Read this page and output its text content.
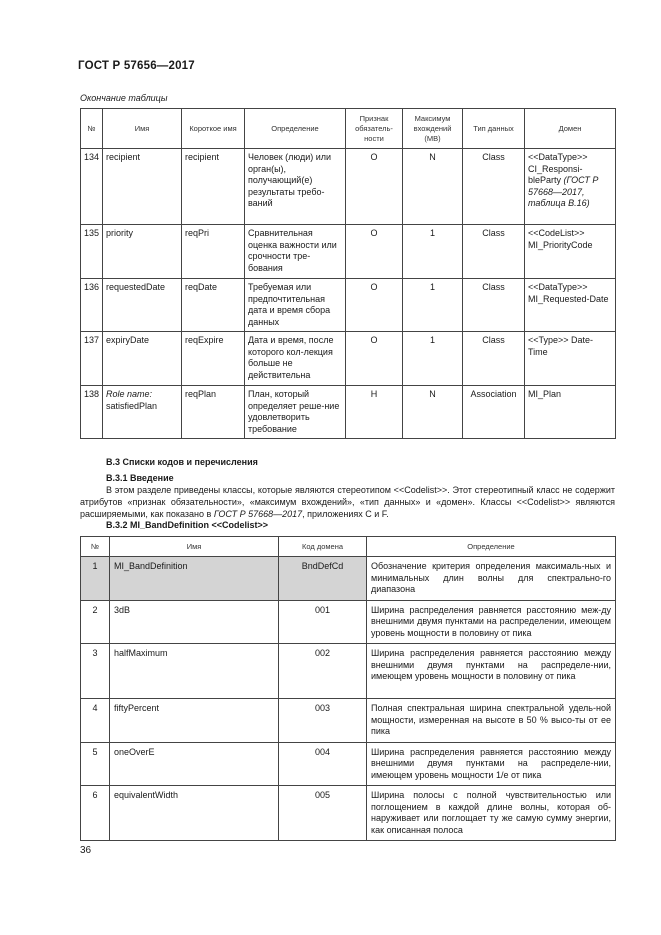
ГОСТ Р 57656—2017
Окончание таблицы
№	Имя	Короткое имя	Определение	Признак обязатель-ности	Максимум вхождений (MB)	Тип данных	Домен
134	recipient	recipient	Человек (люди) или орган(ы), получающий(е) результаты требо-ваний	O	N	Class	<<DataType>> CI_Responsi-bleParty (ГОСТ Р 57668—2017, таблица B.16)
135	priority	reqPri	Сравнительная оценка важности или срочности тре-бования	O	1	Class	<<CodeList>> MI_PriorityCode
136	requestedDate	reqDate	Требуемая или предпочтительная дата и время сбора данных	O	1	Class	<<DataType>> MI_Requested-Date
137	expiryDate	reqExpire	Дата и время, после которого кол-лекция больше не действительна	O	1	Class	<<Type>> Date-Time
138	Role name: satisfiedPlan	reqPlan	План, который определяет реше-ние удовлетворить требование	H	N	Association	MI_Plan
В.3 Списки кодов и перечисления
В.3.1 Введение
В этом разделе приведены классы, которые являются стереотипом <<Codelist>>. Этот стереотипный класс не содержит атрибутов «признак обязательности», «максимум вхождений», «тип данных» и «домен». Классы <<Codelist>> являются расширяемыми, как показано в ГОСТ Р 57668—2017, приложениях С и F.
В.3.2 MI_BandDefinition <<Codelist>>
№	Имя	Код домена	Определение
1	MI_BandDefinition	BndDefCd	Обозначение критерия определения максималь-ных и минимальных длин волны для спектрально-го диапазона
2	3dB	001	Ширина распределения равняется расстоянию меж-ду внешними двумя пунктами на распределении, имеющем уровень мощности в половину от пика
3	halfMaximum	002	Ширина распределения равняется расстоянию между внешними двумя пунктами на распределе-нии, имеющем уровень мощности в половину от пика
4	fiftyPercent	003	Полная спектральная ширина спектральной удель-ной мощности, измеренная на высоте в 50 % высо-ты от ее пика
5	oneOverE	004	Ширина распределения равняется расстоянию между внешними двумя пунктами на распределе-нии, имеющем уровень мощности 1/е от пика
6	equivalentWidth	005	Ширина полосы с полной чувствительностью или поглощением в каждой длине волны, которая об-наруживает или поглощает ту же самую сумму энергии, как описанная полоса
36
